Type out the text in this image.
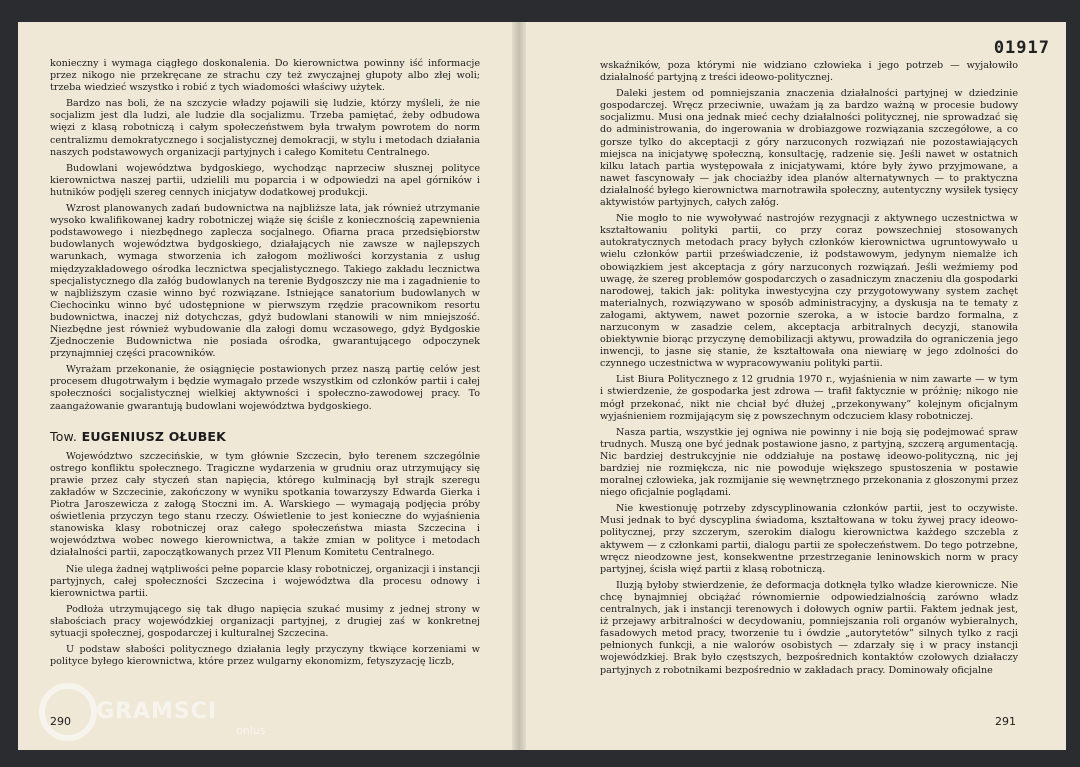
konieczny i wymaga ciągłego doskonalenia. Do kierownictwa powinny iść informacje przez nikogo nie przekręcane ze strachu czy też zwyczajnej głupoty albo złej woli; trzeba wiedzieć wszystko i robić z tych wiadomości właściwy użytek.

Bardzo nas boli, że na szczycie władzy pojawili się ludzie, którzy myśleli, że nie socjalizm jest dla ludzi, ale ludzie dla socjalizmu. Trzeba pamiętać, żeby odbudowa więzi z klasą robotniczą i całym społeczeństwem była trwałym powrotem do norm centralizmu demokratycznego i socjalistycznej demokracji, w stylu i metodach działania naszych podstawowych organizacji partyjnych i całego Komitetu Centralnego.

Budowlani województwa bydgoskiego, wychodząc naprzeciw słusznej polityce kierownictwa naszej partii, udzielili mu poparcia i w odpowiedzi na apel górników i hutników podjęli szereg cennych inicjatyw dodatkowej produkcji.

Wzrost planowanych zadań budownictwa na najbliższe lata, jak również utrzymanie wysoko kwalifikowanej kadry robotniczej wiąże się ściśle z koniecznością zapewnienia podstawowego i niezbędnego zaplecza socjalnego. Ofiarna praca przedsiębiorstw budowlanych województwa bydgoskiego, działających nie zawsze w najlepszych warunkach, wymaga stworzenia ich załogom możliwości korzystania z usług międzyzakładowego ośrodka lecznictwa specjalistycznego. Takiego zakładu lecznictwa specjalistycznego dla załóg budowlanych na terenie Bydgoszczy nie ma i zagadnienie to w najbliższym czasie winno być rozwiązane. Istniejące sanatorium budowlanych w Ciechocinku winno być udostępnione w pierwszym rzędzie pracownikom resortu budownictwa, inaczej niż dotychczas, gdyż budowlani stanowili w nim mniejszość. Niezbędne jest również wybudowanie dla załogi domu wczasowego, gdyż Bydgoskie Zjednoczenie Budownictwa nie posiada ośrodka, gwarantującego odpoczynek przynajmniej części pracowników.

Wyrażam przekonanie, że osiągnięcie postawionych przez naszą partię celów jest procesem długotrwałym i będzie wymagało przede wszystkim od członków partii i całej społeczności socjalistycznej wielkiej aktywności i społeczno-zawodowej pracy. To zaangażowanie gwarantują budowlani województwa bydgoskiego.

Tow. EUGENIUSZ OŁUBEK

Województwo szczecińskie, w tym głównie Szczecin, było terenem szczególnie ostrego konfliktu społecznego. Tragiczne wydarzenia w grudniu oraz utrzymujący się prawie przez cały styczeń stan napięcia, którego kulminacją był strajk szeregu zakładów w Szczecinie, zakończony w wyniku spotkania towarzyszy Edwarda Gierka i Piotra Jaroszewicza z załogą Stoczni im. A. Warskiego — wymagają podjęcia próby oświetlenia przyczyn tego stanu rzeczy. Oświetlenie to jest konieczne do wyjaśnienia stanowiska klasy robotniczej oraz całego społeczeństwa miasta Szczecina i województwa wobec nowego kierownictwa, a także zmian w polityce i metodach działalności partii, zapoczątkowanych przez VII Plenum Komitetu Centralnego.

Nie ulega żadnej wątpliwości pełne poparcie klasy robotniczej, organizacji i instancji partyjnych, całej społeczności Szczecina i województwa dla procesu odnowy i kierownictwa partii.

Podłoża utrzymującego się tak długo napięcia szukać musimy z jednej strony w słabościach pracy wojewódzkiej organizacji partyjnej, z drugiej zaś w konkretnej sytuacji społecznej, gospodarczej i kulturalnej Szczecina.

U podstaw słabości politycznego działania legły przyczyny tkwiące korzeniami w polityce byłego kierownictwa, które przez wulgarny ekonomizm, fetyszyzację liczb,

290
01917

wskaźników, poza którymi nie widziano człowieka i jego potrzeb — wyjałowiło działalność partyjną z treści ideowo-politycznej.

Daleki jestem od pomniejszania znaczenia działalności partyjnej w dziedzinie gospodarczej. Wręcz przeciwnie, uważam ją za bardzo ważną w procesie budowy socjalizmu. Musi ona jednak mieć cechy działalności politycznej, nie sprowadzać się do administrowania, do ingerowania w drobiazgowe rozwiązania szczegółowe, a co gorsze tylko do akceptacji z góry narzuconych rozwiązań nie pozostawiających miejsca na inicjatywę społeczną, konsultację, radzenie się. Jeśli nawet w ostatnich kilku latach partia występowała z inicjatywami, które były żywo przyjmowane, a nawet fascynowały — jak chociażby idea planów alternatywnych — to praktyczna działalność byłego kierownictwa marnotrawiła społeczny, autentyczny wysiłek tysięcy aktywistów partyjnych, całych załóg.

Nie mogło to nie wywoływać nastrojów rezygnacji z aktywnego uczestnictwa w kształtowaniu polityki partii, co przy coraz powszechniej stosowanych autokratycznych metodach pracy byłych członków kierownictwa ugruntowywało u wielu członków partii przeświadczenie, iż podstawowym, jedynym niemalże ich obowiązkiem jest akceptacja z góry narzuconych rozwiązań. Jeśli weźmiemy pod uwagę, że szereg problemów gospodarczych o zasadniczym znaczeniu dla gospodarki narodowej, takich jak: polityka inwestycyjna czy przygotowywany system zachęt materialnych, rozwiązywano w sposób administracyjny, a dyskusja na te tematy z załogami, aktywem, nawet pozornie szeroka, a w istocie bardzo formalna, z narzuconym w zasadzie celem, akceptacja arbitralnych decyzji, stanowiła obiektywnie biorąc przyczynę demobilizacji aktywu, prowadziła do ograniczenia jego inwencji, to jasne się stanie, że kształtowała ona niewiarę w jego zdolności do czynnego uczestnictwa w wypracowywaniu polityki partii.

List Biura Politycznego z 12 grudnia 1970 r., wyjaśnienia w nim zawarte — w tym i stwierdzenie, że gospodarka jest zdrowa — trafił faktycznie w próżnię; nikogo nie mógł przekonać, nikt nie chciał być dłużej „przekonywany” kolejnym oficjalnym wyjaśnieniem rozmijającym się z powszechnym odczuciem klasy robotniczej.

Nasza partia, wszystkie jej ogniwa nie powinny i nie boją się podejmować spraw trudnych. Muszą one być jednak postawione jasno, z partyjną, szczerą argumentacją. Nic bardziej destrukcyjnie nie oddziałuje na postawę ideowo-polityczną, nic jej bardziej nie rozmiękcza, nic nie powoduje większego spustoszenia w postawie moralnej człowieka, jak rozmijanie się wewnętrznego przekonania z głoszonymi przez niego oficjalnie poglądami.

Nie kwestionuję potrzeby zdyscyplinowania członków partii, jest to oczywiste. Musi jednak to być dyscyplina świadoma, kształtowana w toku żywej pracy ideowo-politycznej, przy szczerym, szerokim dialogu kierownictwa każdego szczebla z aktywem — z członkami partii, dialogu partii ze społeczeństwem. Do tego potrzebne, wręcz nieodzowne jest, konsekwentne przestrzeganie leninowskich norm w pracy partyjnej, ścisła więź partii z klasą robotniczą.

Iluzją byłoby stwierdzenie, że deformacja dotknęła tylko władze kierownicze. Nie chcę bynajmniej obciążać równomiernie odpowiedzialnością zarówno władz centralnych, jak i instancji terenowych i dołowych ogniw partii. Faktem jednak jest, iż przejawy arbitralności w decydowaniu, pomniejszania roli organów wybieralnych, fasadowych metod pracy, tworzenie tu i ówdzie „autorytetów” silnych tylko z racji pełnionych funkcji, a nie walorów osobistych — zdarzały się i w pracy instancji wojewódzkiej. Brak było częstszych, bezpośrednich kontaktów czołowych działaczy partyjnych z robotnikami bezpośrednio w zakładach pracy. Dominowały oficjalne

291
GRAMSCI
onlus
